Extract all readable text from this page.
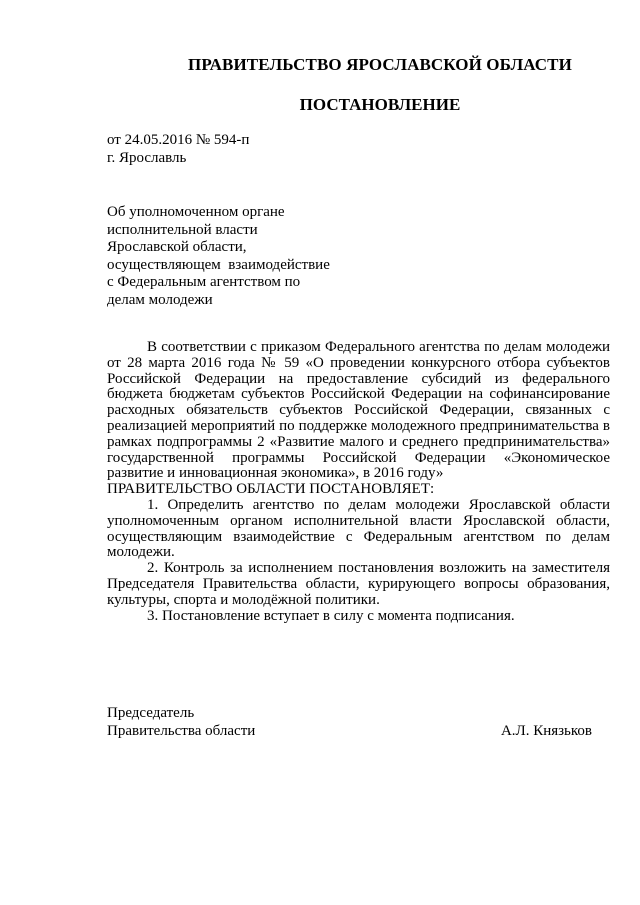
ПРАВИТЕЛЬСТВО ЯРОСЛАВСКОЙ ОБЛАСТИ
ПОСТАНОВЛЕНИЕ
от 24.05.2016 № 594-п
г. Ярославль
Об уполномоченном органе
исполнительной власти
Ярославской области,
осуществляющем  взаимодействие
с Федеральным агентством по
делам молодежи

В соответствии с приказом Федерального агентства по делам молодежи от 28 марта 2016 года № 59 «О проведении конкурсного отбора субъектов Российской Федерации на предоставление субсидий из федерального бюджета бюджетам субъектов Российской Федерации на софинансирование расходных обязательств субъектов Российской Федерации, связанных с реализацией мероприятий по поддержке молодежного предпринимательства в рамках подпрограммы 2 «Развитие малого и среднего предпринимательства» государственной программы Российской Федерации «Экономическое развитие и инновационная экономика», в 2016 году»

ПРАВИТЕЛЬСТВО ОБЛАСТИ ПОСТАНОВЛЯЕТ:

1. Определить агентство по делам молодежи Ярославской области уполномоченным органом исполнительной власти Ярославской области, осуществляющим взаимодействие с Федеральным агентством по делам молодежи.

2. Контроль за исполнением постановления возложить на заместителя Председателя Правительства области, курирующего вопросы образования, культуры, спорта и молодёжной политики.

3. Постановление вступает в силу с момента подписания.

Председатель
Правительства области	А.Л. Князьков
